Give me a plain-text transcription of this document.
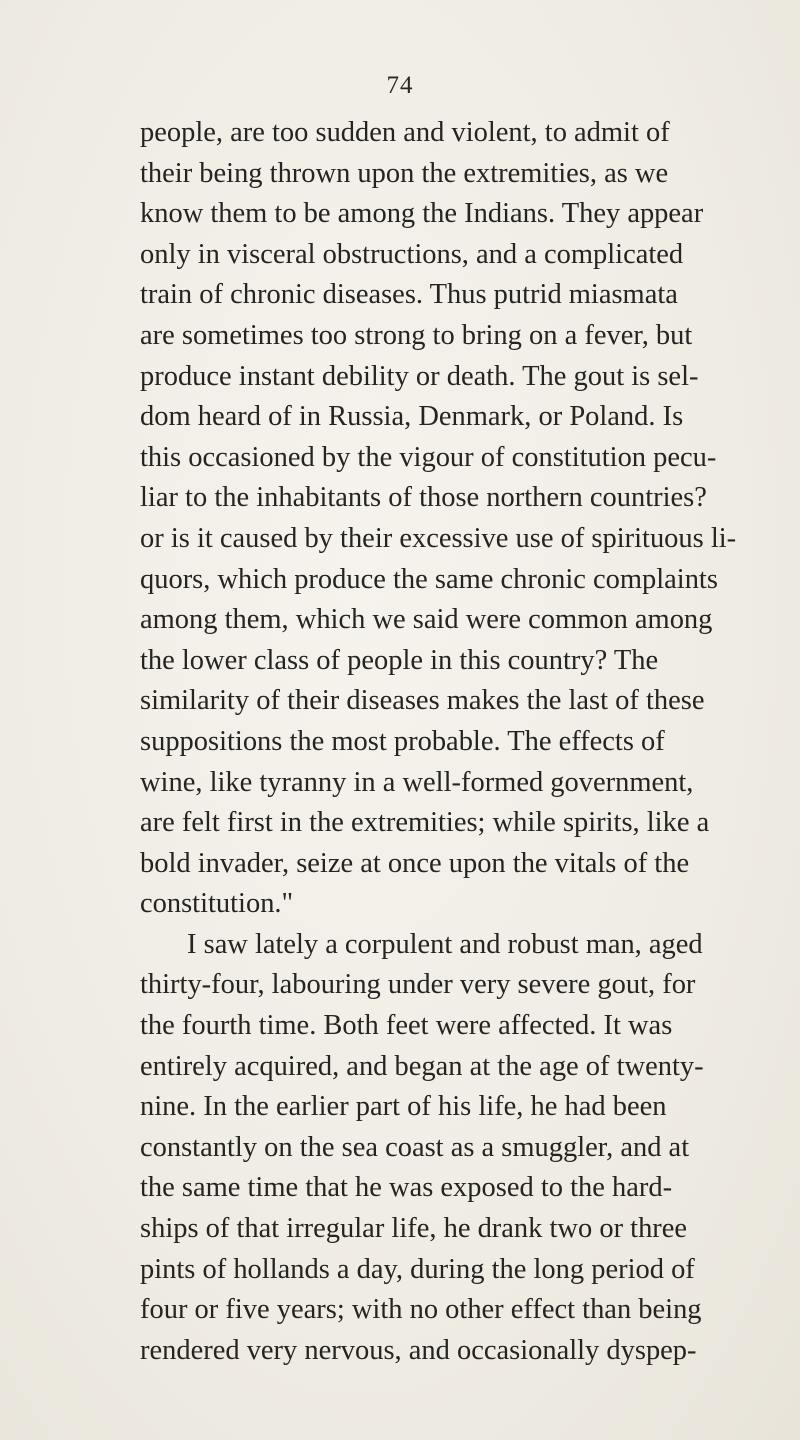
74
people, are too sudden and violent, to admit of
their being thrown upon the extremities, as we
know them to be among the Indians. They appear
only in visceral obstructions, and a complicated
train of chronic diseases. Thus putrid miasmata
are sometimes too strong to bring on a fever, but
produce instant debility or death. The gout is sel-
dom heard of in Russia, Denmark, or Poland. Is
this occasioned by the vigour of constitution pecu-
liar to the inhabitants of those northern countries?
or is it caused by their excessive use of spirituous li-
quors, which produce the same chronic complaints
among them, which we said were common among
the lower class of people in this country? The
similarity of their diseases makes the last of these
suppositions the most probable. The effects of
wine, like tyranny in a well-formed government,
are felt first in the extremities; while spirits, like a
bold invader, seize at once upon the vitals of the
constitution."
I saw lately a corpulent and robust man, aged
thirty-four, labouring under very severe gout, for
the fourth time. Both feet were affected. It was
entirely acquired, and began at the age of twenty-
nine. In the earlier part of his life, he had been
constantly on the sea coast as a smuggler, and at
the same time that he was exposed to the hard-
ships of that irregular life, he drank two or three
pints of hollands a day, during the long period of
four or five years; with no other effect than being
rendered very nervous, and occasionally dyspep-
